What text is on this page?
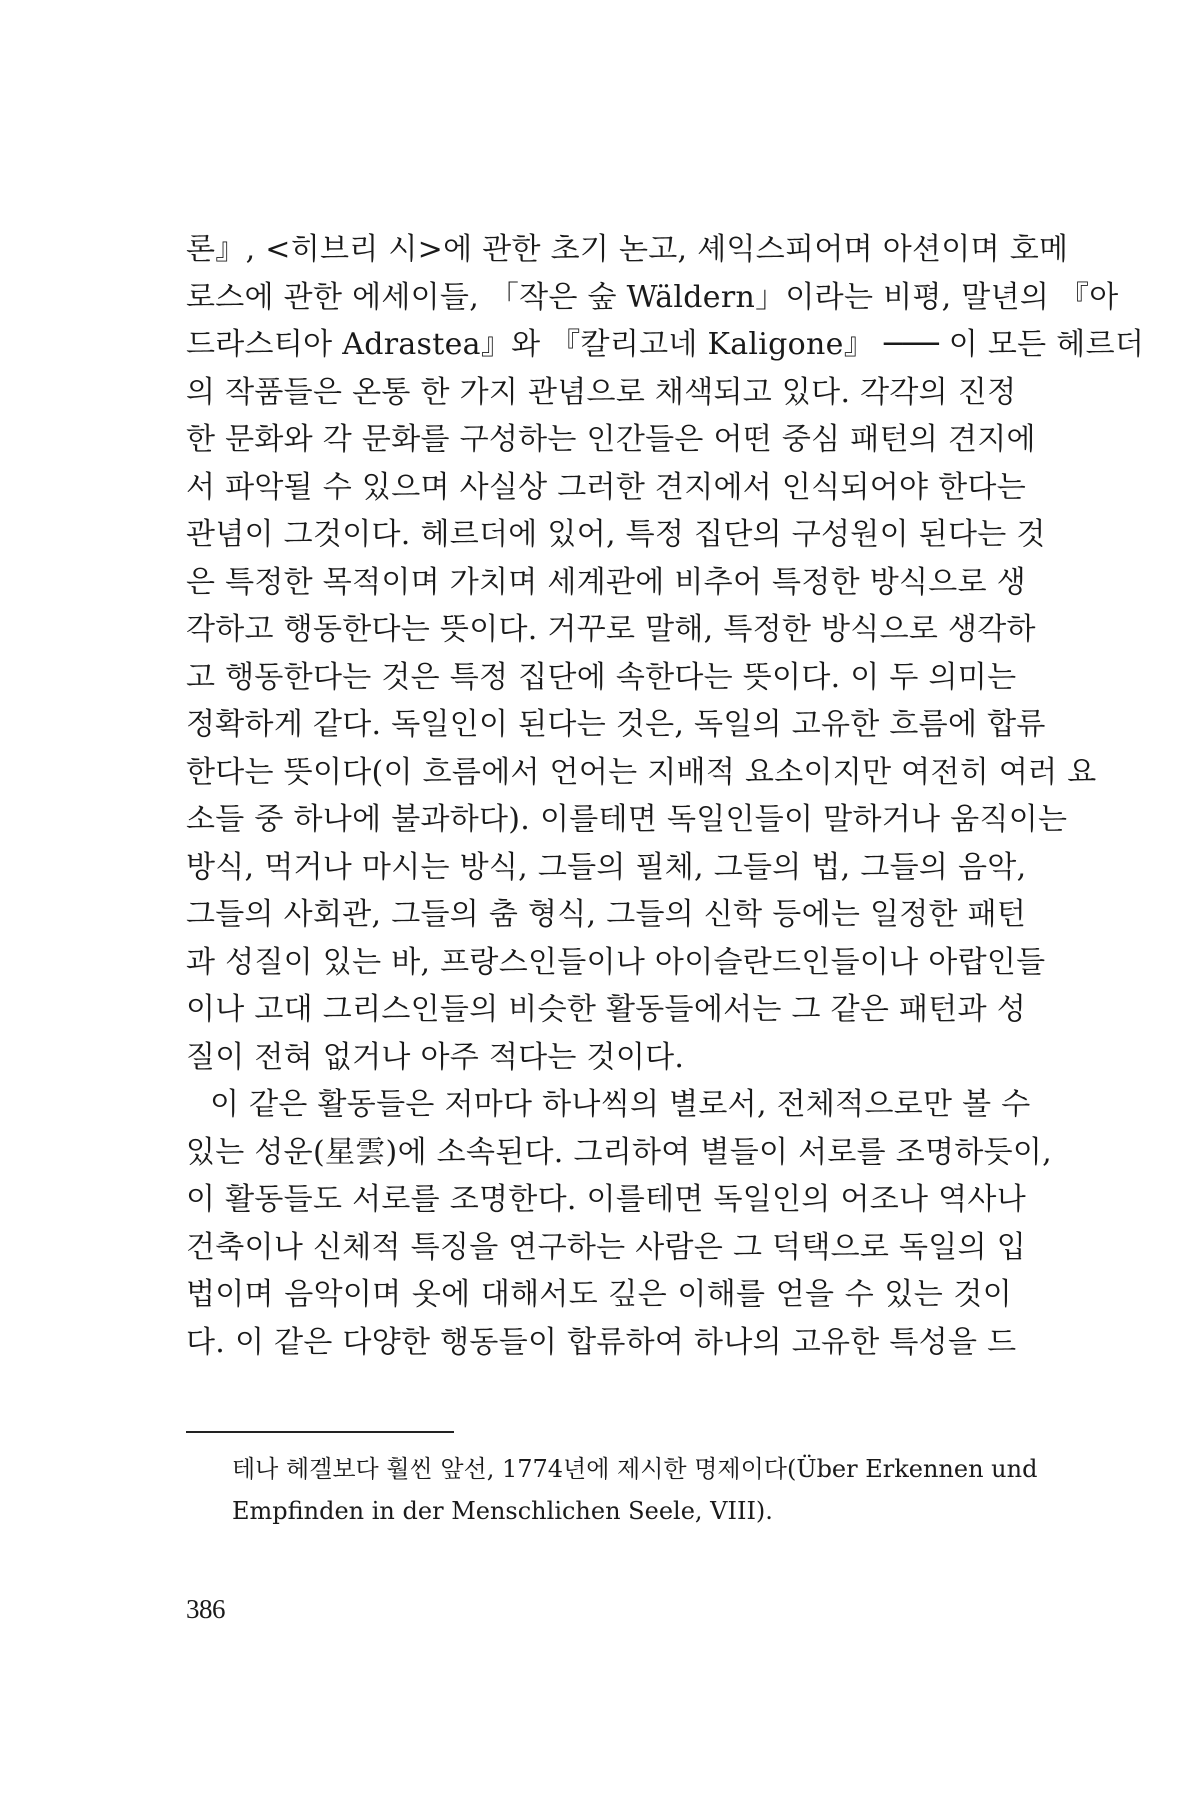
론』, <히브리 시>에 관한 초기 논고, 셰익스피어며 아션이며 호메
로스에 관한 에세이들, 「작은 숲 Wäldern」이라는 비평, 말년의 『아
드라스티아 Adrastea』와 『칼리고네 Kaligone』 ─── 이 모든 헤르더
의 작품들은 온통 한 가지 관념으로 채색되고 있다. 각각의 진정
한 문화와 각 문화를 구성하는 인간들은 어떤 중심 패턴의 견지에
서 파악될 수 있으며 사실상 그러한 견지에서 인식되어야 한다는
관념이 그것이다. 헤르더에 있어, 특정 집단의 구성원이 된다는 것
은 특정한 목적이며 가치며 세계관에 비추어 특정한 방식으로 생
각하고 행동한다는 뜻이다. 거꾸로 말해, 특정한 방식으로 생각하
고 행동한다는 것은 특정 집단에 속한다는 뜻이다. 이 두 의미는
정확하게 같다. 독일인이 된다는 것은, 독일의 고유한 흐름에 합류
한다는 뜻이다(이 흐름에서 언어는 지배적 요소이지만 여전히 여러 요
소들 중 하나에 불과하다). 이를테면 독일인들이 말하거나 움직이는
방식, 먹거나 마시는 방식, 그들의 필체, 그들의 법, 그들의 음악,
그들의 사회관, 그들의 춤 형식, 그들의 신학 등에는 일정한 패턴
과 성질이 있는 바, 프랑스인들이나 아이슬란드인들이나 아랍인들
이나 고대 그리스인들의 비슷한 활동들에서는 그 같은 패턴과 성
질이 전혀 없거나 아주 적다는 것이다.
이 같은 활동들은 저마다 하나씩의 별로서, 전체적으로만 볼 수
있는 성운(星雲)에 소속된다. 그리하여 별들이 서로를 조명하듯이,
이 활동들도 서로를 조명한다. 이를테면 독일인의 어조나 역사나
건축이나 신체적 특징을 연구하는 사람은 그 덕택으로 독일의 입
법이며 음악이며 옷에 대해서도 깊은 이해를 얻을 수 있는 것이
다. 이 같은 다양한 행동들이 합류하여 하나의 고유한 특성을 드
테나 헤겔보다 훨씬 앞선, 1774년에 제시한 명제이다(Über Erkennen und
Empfinden in der Menschlichen Seele, VIII).
386
